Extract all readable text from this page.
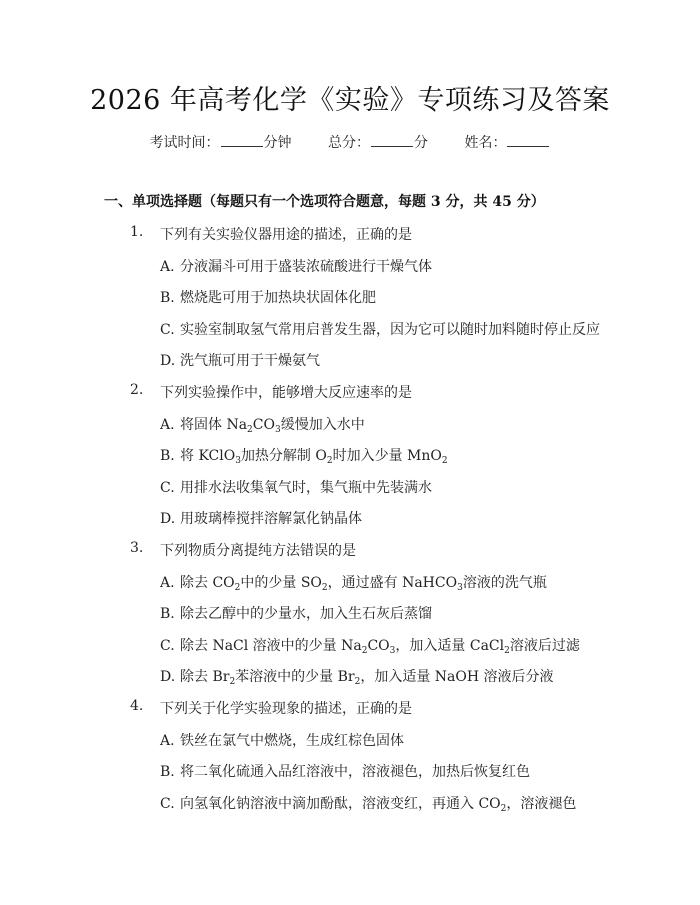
2026 年高考化学《实验》专项练习及答案
考试时间：	分钟	总分：	分	姓名：
一、单项选择题（每题只有一个选项符合题意，每题 3 分，共 45 分）
1. 下列有关实验仪器用途的描述，正确的是
A. 分液漏斗可用于盛装浓硫酸进行干燥气体
B. 燃烧匙可用于加热块状固体化肥
C. 实验室制取氢气常用启普发生器，因为它可以随时加料随时停止反应
D. 洗气瓶可用于干燥氨气
2. 下列实验操作中，能够增大反应速率的是
A. 将固体 $Na_2CO_3$缓慢加入水中
B. 将 KClO$_3$加热分解制 $O_2$时加入少量 MnO$_2$
C. 用排水法收集氧气时，集气瓶中先装满水
D. 用玻璃棒搅拌溶解氯化钠晶体
3. 下列物质分离提纯方法错误的是
A. 除去 $CO_2$中的少量 $SO_2$，通过盛有 NaHCO$_3$溶液的洗气瓶
B. 除去乙醇中的少量水，加入生石灰后蒸馏
C. 除去 NaCl 溶液中的少量 $Na_2CO_3$，加入适量 CaCl$_2$溶液后过滤
D. 除去 $Br_2$苯溶液中的少量 $Br_2$，加入适量 NaOH 溶液后分液
4. 下列关于化学实验现象的描述，正确的是
A. 铁丝在氯气中燃烧，生成红棕色固体
B. 将二氧化硫通入品红溶液中，溶液褪色，加热后恢复红色
C. 向氢氧化钠溶液中滴加酚酞，溶液变红，再通入 $CO_2$，溶液褪色
